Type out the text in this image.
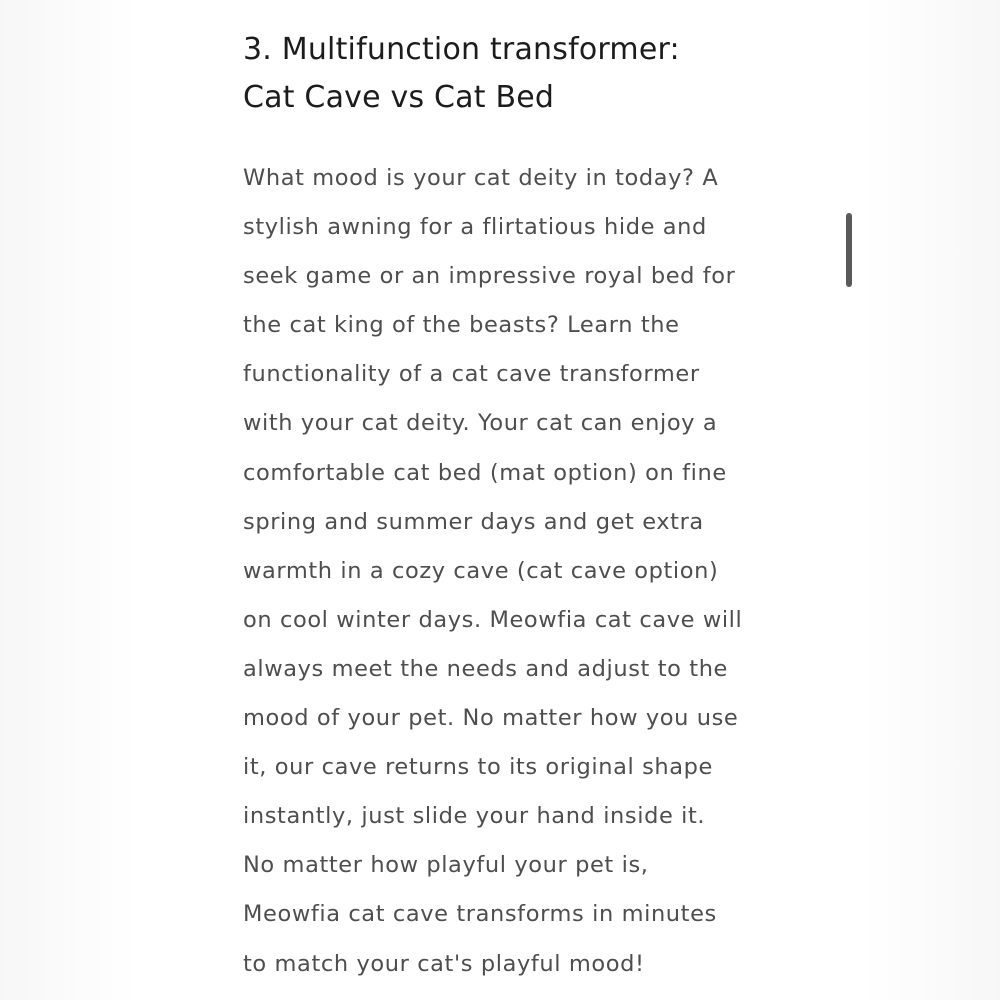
3. Multifunction transformer:
Cat Cave vs Cat Bed
What mood is your cat deity in today? A
stylish awning for a flirtatious hide and
seek game or an impressive royal bed for
the cat king of the beasts? Learn the
functionality of a cat cave transformer
with your cat deity. Your cat can enjoy a
comfortable cat bed (mat option) on fine
spring and summer days and get extra
warmth in a cozy cave (cat cave option)
on cool winter days. Meowfia cat cave will
always meet the needs and adjust to the
mood of your pet. No matter how you use
it, our cave returns to its original shape
instantly, just slide your hand inside it.
No matter how playful your pet is,
Meowfia cat cave transforms in minutes
to match your cat's playful mood!
